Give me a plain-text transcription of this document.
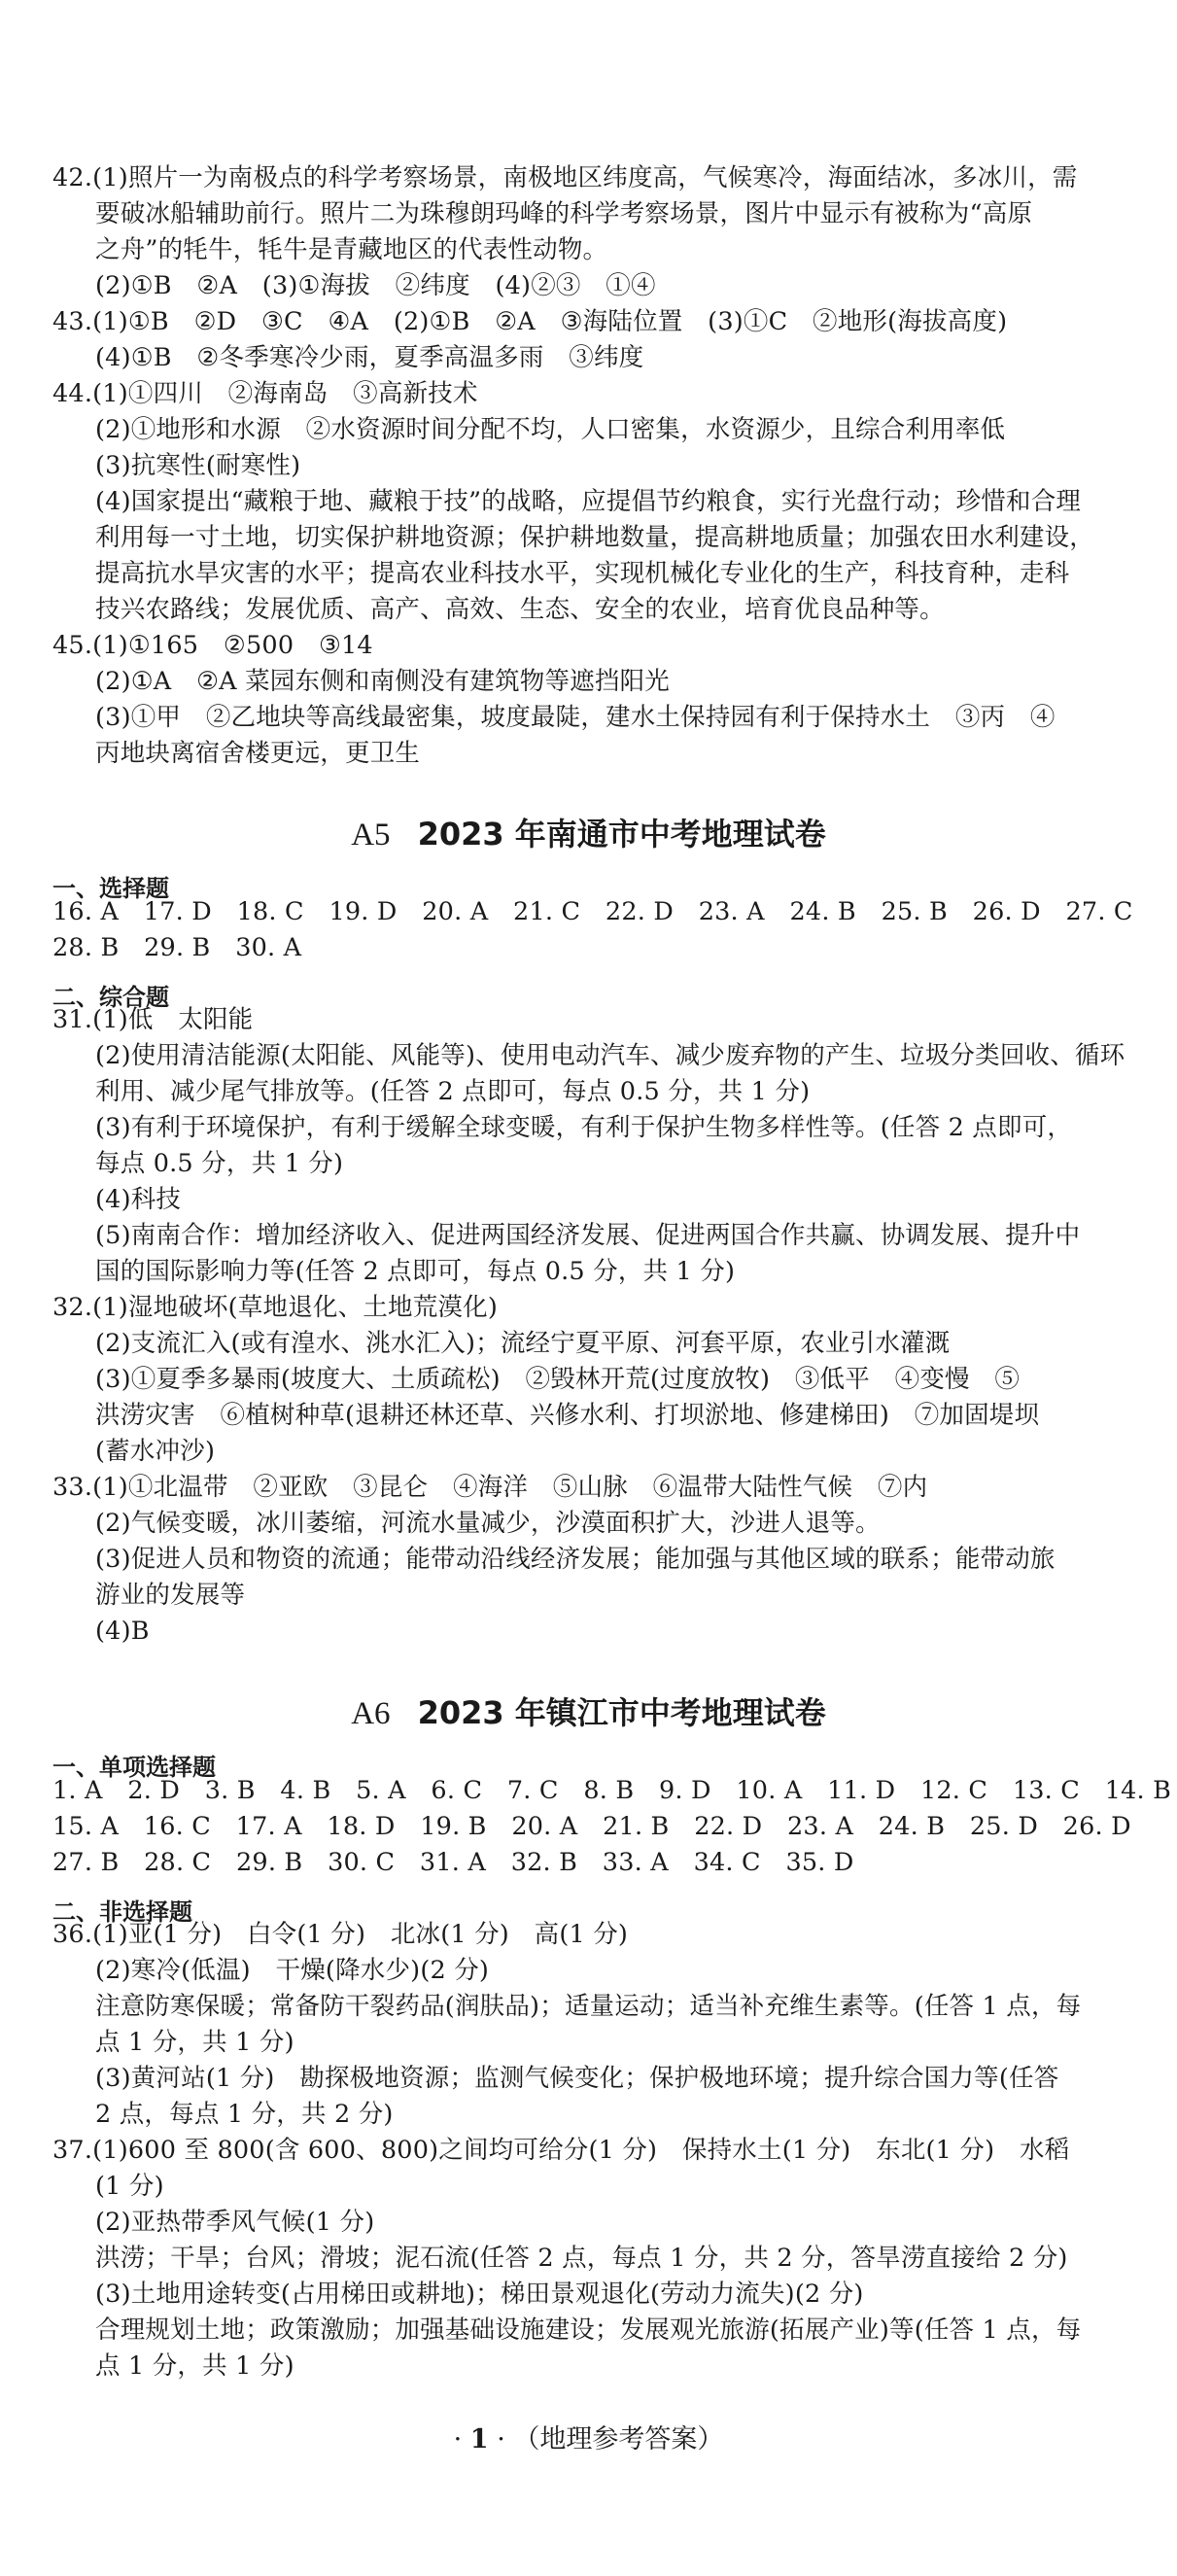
42.(1)照片一为南极点的科学考察场景，南极地区纬度高，气候寒冷，海面结冰，多冰川，需
要破冰船辅助前行。照片二为珠穆朗玛峰的科学考察场景，图片中显示有被称为“高原
之舟”的牦牛，牦牛是青藏地区的代表性动物。
(2)①B　②A　(3)①海拔　②纬度　(4)②③　①④
43.(1)①B　②D　③C　④A　(2)①B　②A　③海陆位置　(3)①C　②地形(海拔高度)
(4)①B　②冬季寒冷少雨，夏季高温多雨　③纬度
44.(1)①四川　②海南岛　③高新技术
(2)①地形和水源　②水资源时间分配不均，人口密集，水资源少，且综合利用率低
(3)抗寒性(耐寒性)
(4)国家提出“藏粮于地、藏粮于技”的战略，应提倡节约粮食，实行光盘行动；珍惜和合理
利用每一寸土地，切实保护耕地资源；保护耕地数量，提高耕地质量；加强农田水利建设，
提高抗水旱灾害的水平；提高农业科技水平，实现机械化专业化的生产，科技育种，走科
技兴农路线；发展优质、高产、高效、生态、安全的农业，培育优良品种等。
45.(1)①165　②500　③14
(2)①A　②A 菜园东侧和南侧没有建筑物等遮挡阳光
(3)①甲　②乙地块等高线最密集，坡度最陡，建水土保持园有利于保持水土　③丙　④
丙地块离宿舍楼更远，更卫生
A5 2023 年南通市中考地理试卷
一、选择题
16. A　17. D　18. C　19. D　20. A　21. C　22. D　23. A　24. B　25. B　26. D　27. C
28. B　29. B　30. A
二、综合题
31.(1)低　太阳能
(2)使用清洁能源(太阳能、风能等)、使用电动汽车、减少废弃物的产生、垃圾分类回收、循环
利用、减少尾气排放等。(任答 2 点即可，每点 0.5 分，共 1 分)
(3)有利于环境保护，有利于缓解全球变暖，有利于保护生物多样性等。(任答 2 点即可，
每点 0.5 分，共 1 分)
(4)科技
(5)南南合作：增加经济收入、促进两国经济发展、促进两国合作共赢、协调发展、提升中
国的国际影响力等(任答 2 点即可，每点 0.5 分，共 1 分)
32.(1)湿地破坏(草地退化、土地荒漠化)
(2)支流汇入(或有湟水、洮水汇入)；流经宁夏平原、河套平原，农业引水灌溉
(3)①夏季多暴雨(坡度大、土质疏松)　②毁林开荒(过度放牧)　③低平　④变慢　⑤
洪涝灾害　⑥植树种草(退耕还林还草、兴修水利、打坝淤地、修建梯田)　⑦加固堤坝
(蓄水冲沙)
33.(1)①北温带　②亚欧　③昆仑　④海洋　⑤山脉　⑥温带大陆性气候　⑦内
(2)气候变暖，冰川萎缩，河流水量减少，沙漠面积扩大，沙进人退等。
(3)促进人员和物资的流通；能带动沿线经济发展；能加强与其他区域的联系；能带动旅
游业的发展等
(4)B
A6 2023 年镇江市中考地理试卷
一、单项选择题
1. A　2. D　3. B　4. B　5. A　6. C　7. C　8. B　9. D　10. A　11. D　12. C　13. C　14. B
15. A　16. C　17. A　18. D　19. B　20. A　21. B　22. D　23. A　24. B　25. D　26. D
27. B　28. C　29. B　30. C　31. A　32. B　33. A　34. C　35. D
二、非选择题
36.(1)亚(1 分)　白令(1 分)　北冰(1 分)　高(1 分)
(2)寒冷(低温)　干燥(降水少)(2 分)
注意防寒保暖；常备防干裂药品(润肤品)；适量运动；适当补充维生素等。(任答 1 点，每
点 1 分，共 1 分)
(3)黄河站(1 分)　勘探极地资源；监测气候变化；保护极地环境；提升综合国力等(任答
2 点，每点 1 分，共 2 分)
37.(1)600 至 800(含 600、800)之间均可给分(1 分)　保持水土(1 分)　东北(1 分)　水稻
(1 分)
(2)亚热带季风气候(1 分)
洪涝；干旱；台风；滑坡；泥石流(任答 2 点，每点 1 分，共 2 分，答旱涝直接给 2 分)
(3)土地用途转变(占用梯田或耕地)；梯田景观退化(劳动力流失)(2 分)
合理规划土地；政策激励；加强基础设施建设；发展观光旅游(拓展产业)等(任答 1 点，每
点 1 分，共 1 分)
· 1 · （地理参考答案）
